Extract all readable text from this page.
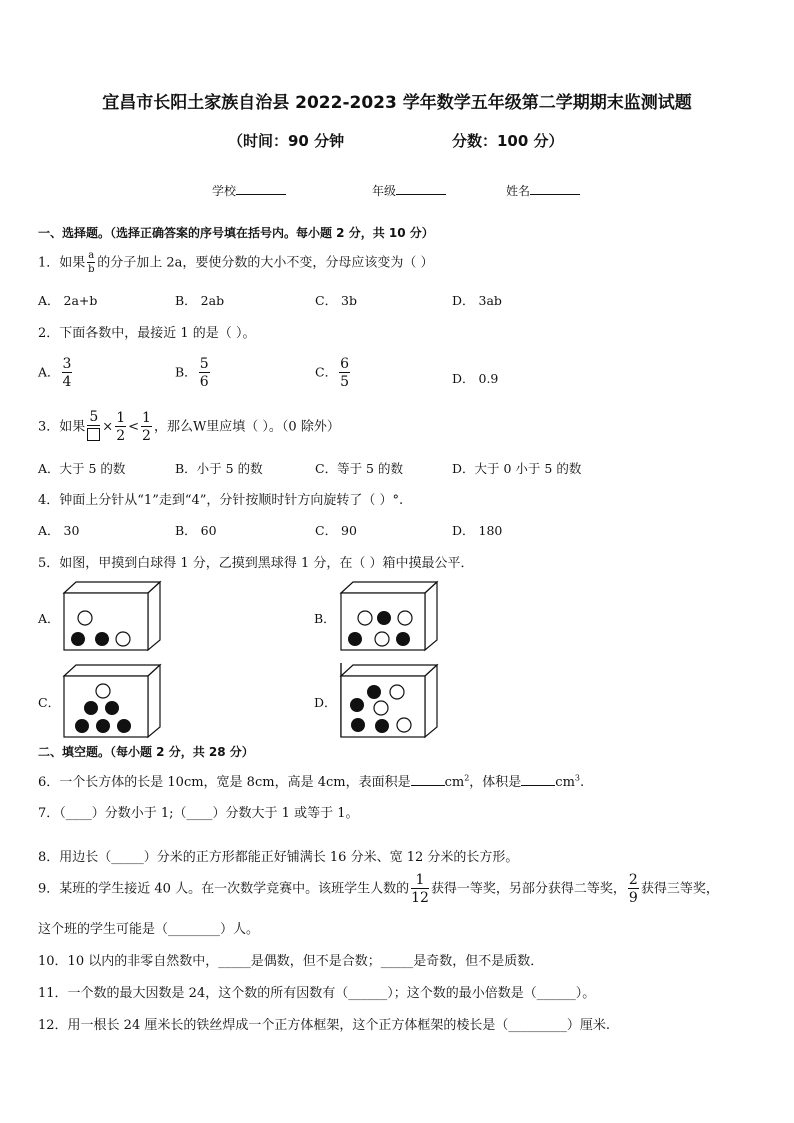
宜昌市长阳土家族自治县 2022-2023 学年数学五年级第二学期期末监测试题
（时间：90 分钟	分数：100 分）
学校	年级	姓名
一、选择题。（选择正确答案的序号填在括号内。每小题 2 分，共 10 分）
1．如果 $\frac{a}{b}$ 的分子加上 2a，要使分数的大小不变，分母应该变为（ ）
A． 2a+b	B． 2ab	C． 3b	D． 3ab
2．下面各数中，最接近 1 的是（ ）。
A． $\frac{3}{4}$	B． $\frac{5}{6}$	C． $\frac{6}{5}$	D． 0.9
3．如果
5
× $\frac{1}{2} < \frac{1}{2}$ ，那么W里应填（ ）。（0 除外）
A．大于 5 的数	B．小于 5 的数	C．等于 5 的数	D．大于 0 小于 5 的数
4．钟面上分针从“1”走到“4”，分针按顺时针方向旋转了（ ）°.
A． 30	B． 60	C． 90	D． 180
5．如图，甲摸到白球得 1 分，乙摸到黑球得 1 分，在（ ）箱中摸最公平．
A．	B．
C．	D．
二、填空题。（每小题 2 分，共 28 分）
6．一个长方体的长是 10cm，宽是 8cm，高是 4cm，表面积是	$cm^2$，体积是	$cm^3$.
7．（____）分数小于 1;（____）分数大于 1 或等于 1。
8．用边长（_____）分米的正方形都能正好铺满长 16 分米、宽 12 分米的长方形。
9．某班的学生接近 40 人。在一次数学竞赛中。该班学生人数的 $\frac{1}{12}$ 获得一等奖，另部分获得二等奖， $\frac{2}{9}$ 获得三等奖，
这个班的学生可能是（________）人。
10．10 以内的非零自然数中，_____是偶数，但不是合数；_____是奇数，但不是质数．
11．一个数的最大因数是 24，这个数的所有因数有（______）；这个数的最小倍数是（______）。
12．用一根长 24 厘米长的铁丝焊成一个正方体框架，这个正方体框架的棱长是（_________）厘米.
